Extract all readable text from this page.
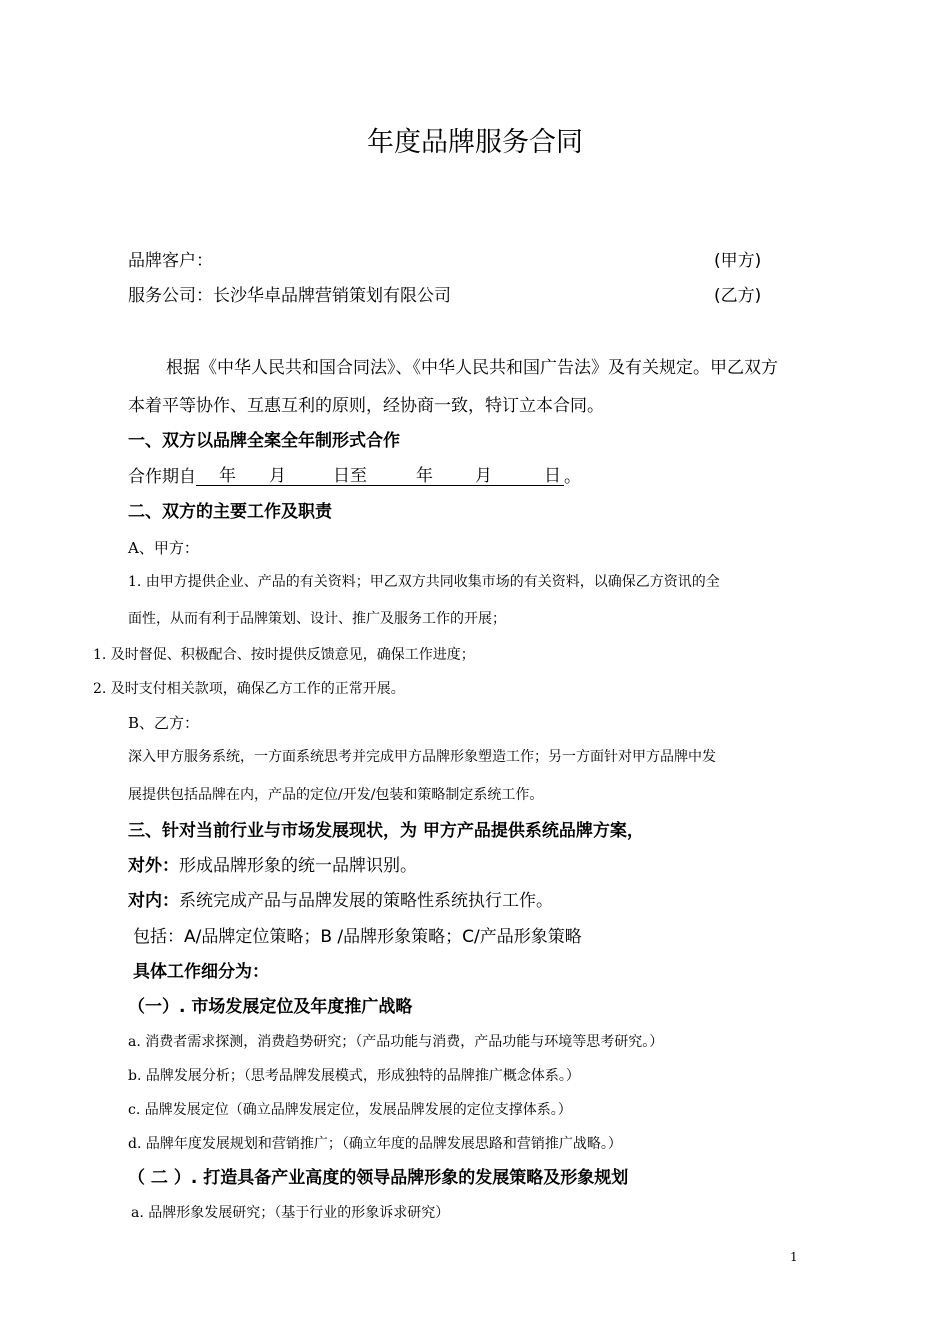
年度品牌服务合同
品牌客户：	(甲方)
服务公司：长沙华卓品牌营销策划有限公司	(乙方)
根据《中华人民共和国合同法》、《中华人民共和国广告法》及有关规定。甲乙双方
本着平等协作、互惠互利的原则，经协商一致，特订立本合同。
一、双方以品牌全案全年制形式合作
合作期自 年 月	日至	年 月	日 。
二、双方的主要工作及职责
A、甲方：
1. 由甲方提供企业、产品的有关资料；甲乙双方共同收集市场的有关资料，以确保乙方资讯的全
面性，从而有利于品牌策划、设计、推广及服务工作的开展；
1. 及时督促、积极配合、按时提供反馈意见，确保工作进度；
2. 及时支付相关款项，确保乙方工作的正常开展。
B、乙方：
深入甲方服务系统，一方面系统思考并完成甲方品牌形象塑造工作；另一方面针对甲方品牌中发
展提供包括品牌在内，产品的定位/开发/包装和策略制定系统工作。
三、针对当前行业与市场发展现状，为 甲方产品提供系统品牌方案，
对外：形成品牌形象的统一品牌识别。
对内：系统完成产品与品牌发展的策略性系统执行工作。
包括：A/品牌定位策略；B /品牌形象策略；C/产品形象策略
具体工作细分为：
（一）. 市场发展定位及年度推广战略
a. 消费者需求探测，消费趋势研究；（产品功能与消费，产品功能与环境等思考研究。）
b. 品牌发展分析；（思考品牌发展模式，形成独特的品牌推广概念体系。）
c. 品牌发展定位（确立品牌发展定位，发展品牌发展的定位支撑体系。）
d. 品牌年度发展规划和营销推广；（确立年度的品牌发展思路和营销推广战略。）
（ 二 ）. 打造具备产业高度的领导品牌形象的发展策略及形象规划
a. 品牌形象发展研究；（基于行业的形象诉求研究）
1
